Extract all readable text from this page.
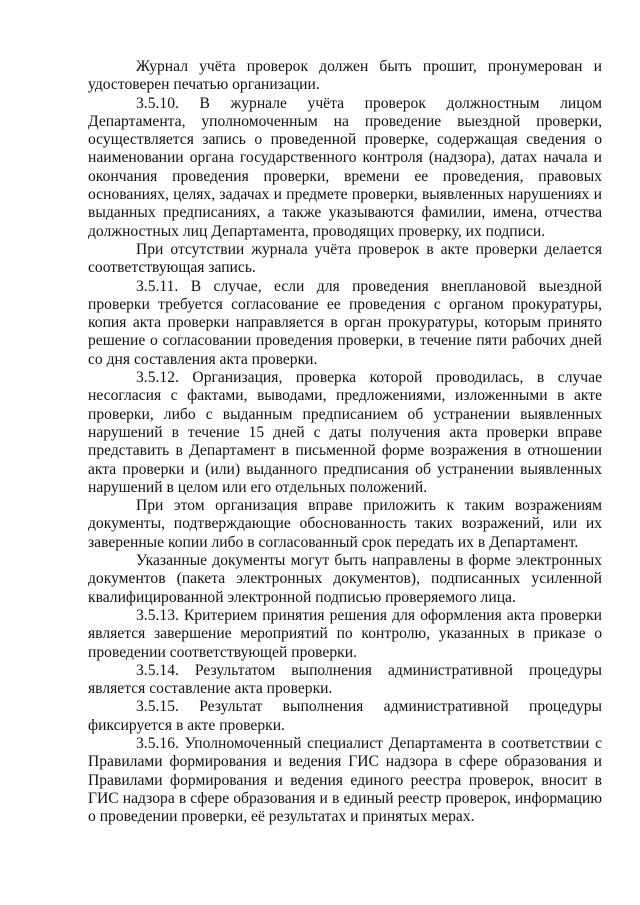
Журнал учёта проверок должен быть прошит, пронумерован и удостоверен печатью организации.

3.5.10. В журнале учёта проверок должностным лицом Департамента, уполномоченным на проведение выездной проверки, осуществляется запись о проведенной проверке, содержащая сведения о наименовании органа государственного контроля (надзора), датах начала и окончания проведения проверки, времени ее проведения, правовых основаниях, целях, задачах и предмете проверки, выявленных нарушениях и выданных предписаниях, а также указываются фамилии, имена, отчества должностных лиц Департамента, проводящих проверку, их подписи.

При отсутствии журнала учёта проверок в акте проверки делается соответствующая запись.

3.5.11. В случае, если для проведения внеплановой выездной проверки требуется согласование ее проведения с органом прокуратуры, копия акта проверки направляется в орган прокуратуры, которым принято решение о согласовании проведения проверки, в течение пяти рабочих дней со дня составления акта проверки.

3.5.12. Организация, проверка которой проводилась, в случае несогласия с фактами, выводами, предложениями, изложенными в акте проверки, либо с выданным предписанием об устранении выявленных нарушений в течение 15 дней с даты получения акта проверки вправе представить в Департамент в письменной форме возражения в отношении акта проверки и (или) выданного предписания об устранении выявленных нарушений в целом или его отдельных положений.

При этом организация вправе приложить к таким возражениям документы, подтверждающие обоснованность таких возражений, или их заверенные копии либо в согласованный срок передать их в Департамент.

Указанные документы могут быть направлены в форме электронных документов (пакета электронных документов), подписанных усиленной квалифицированной электронной подписью проверяемого лица.

3.5.13. Критерием принятия решения для оформления акта проверки является завершение мероприятий по контролю, указанных в приказе о проведении соответствующей проверки.

3.5.14. Результатом выполнения административной процедуры является составление акта проверки.

3.5.15. Результат выполнения административной процедуры фиксируется в акте проверки.

3.5.16. Уполномоченный специалист Департамента в соответствии с Правилами формирования и ведения ГИС надзора в сфере образования и Правилами формирования и ведения единого реестра проверок, вносит в ГИС надзора в сфере образования и в единый реестр проверок, информацию о проведении проверки, её результатах и принятых мерах.
